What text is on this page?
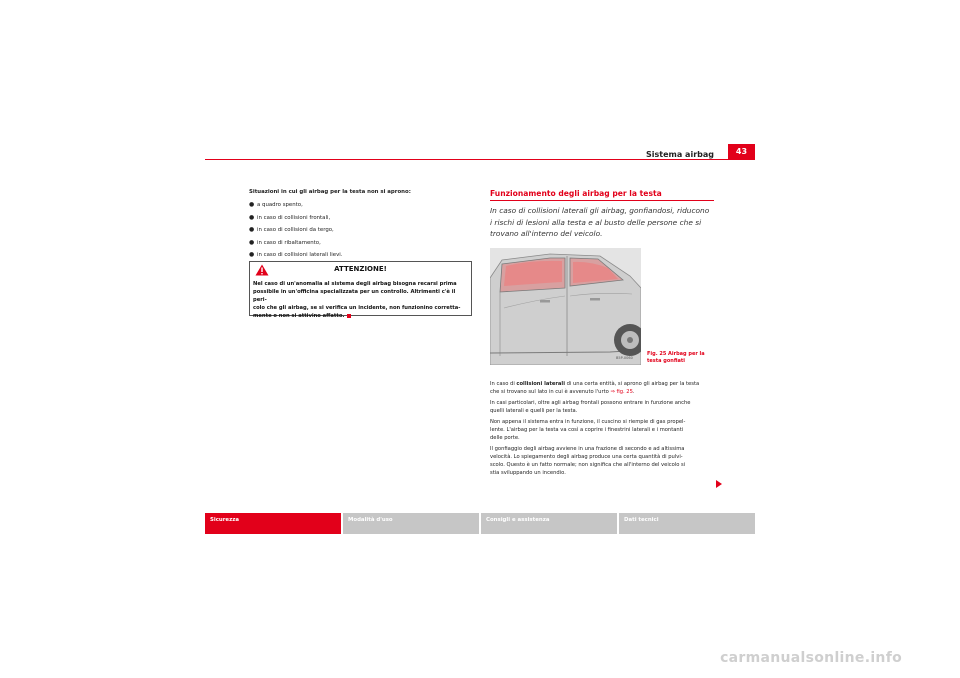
Sistema airbag	43
Situazioni in cui gli airbag per la testa non si aprono:
● a quadro spento,
● in caso di collisioni frontali,
● in caso di collisioni da tergo,
● in caso di ribaltamento,
● in caso di collisioni laterali lievi.
ATTENZIONE!
Nel caso di un'anomalia al sistema degli airbag bisogna recarsi prima
possibile in un'officina specializzata per un controllo. Altrimenti c'è il peri-
colo che gli airbag, se si verifica un incidente, non funzionino corretta-
mente o non si attivino affatto.
Funzionamento degli airbag per la testa
In caso di collisioni laterali gli airbag, gonfiandosi, riducono
i rischi di lesioni alla testa e al busto delle persone che si
trovano all'interno del veicolo.
B5P-0060
Fig. 25 Airbag per la
testa gonfiati
In caso di collisioni laterali di una certa entità, si aprono gli airbag per la testa
che si trovano sul lato in cui è avvenuto l'urto ⇒ fig. 25.
In casi particolari, oltre agli airbag frontali possono entrare in funzione anche
quelli laterali e quelli per la testa.
Non appena il sistema entra in funzione, il cuscino si riempie di gas propel-
lente. L'airbag per la testa va così a coprire i finestrini laterali e i montanti
delle porte.
Il gonfiaggio degli airbag avviene in una frazione di secondo e ad altissima
velocità. Lo spiegamento degli airbag produce una certa quantità di pulvi-
scolo. Questo è un fatto normale; non significa che all'interno del veicolo si
stia sviluppando un incendio.
Sicurezza	Modalità d'uso	Consigli e assistenza	Dati tecnici
carmanualsonline.info
